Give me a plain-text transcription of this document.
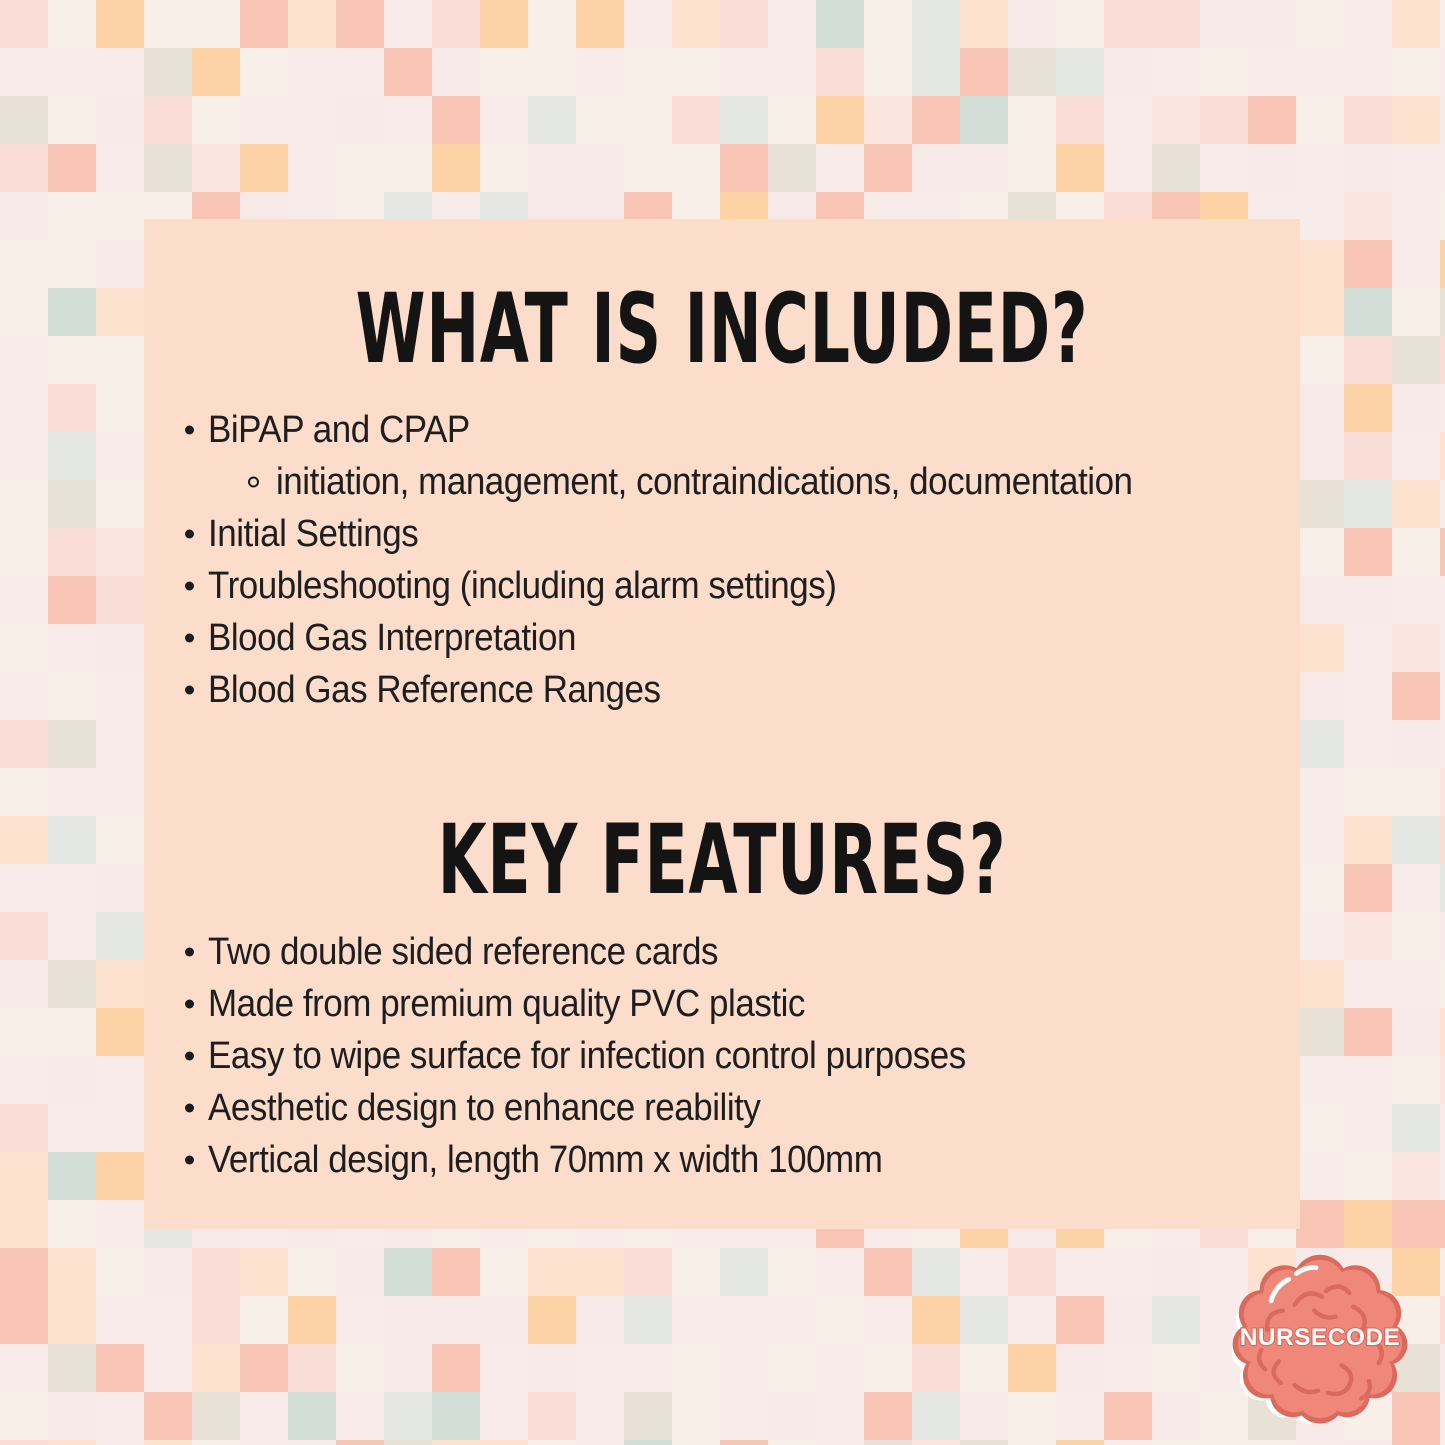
WHAT IS INCLUDED?
BiPAP and CPAP
initiation, management, contraindications, documentation
Initial Settings
Troubleshooting (including alarm settings)
Blood Gas Interpretation
Blood Gas Reference Ranges
KEY FEATURES?
Two double sided reference cards
Made from premium quality PVC plastic
Easy to wipe surface for infection control purposes
Aesthetic design to enhance reability
Vertical design, length 70mm x width 100mm
NURSECODE
